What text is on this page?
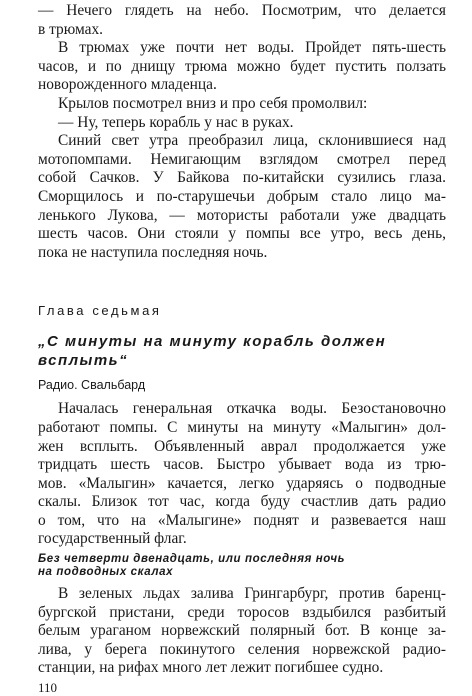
— Нечего глядеть на небо. Посмотрим, что делается
в трюмах.
В трюмах уже почти нет воды. Пройдет пять-шесть
часов, и по днищу трюма можно будет пустить ползать
новорожденного младенца.
Крылов посмотрел вниз и про себя промолвил:
— Ну, теперь корабль у нас в руках.
Синий свет утра преобразил лица, склонившиеся над
мотопомпами. Немигающим взглядом смотрел перед
собой Сачков. У Байкова по-китайски сузились глаза.
Сморщилось и по-старушечьи добрым стало лицо ма-
ленького Лукова, — мотористы работали уже двадцать
шесть часов. Они стояли у помпы все утро, весь день,
пока не наступила последняя ночь.
Глава седьмая
„С минуты на минуту корабль должен
всплыть“
Радио. Свальбард
Началась генеральная откачка воды. Безостановочно
работают помпы. С минуты на минуту «Малыгин» дол-
жен всплыть. Объявленный аврал продолжается уже
тридцать шесть часов. Быстро убывает вода из трю-
мов. «Малыгин» качается, легко ударяясь о подводные
скалы. Близок тот час, когда буду счастлив дать радио
о том, что на «Малыгине» поднят и развевается наш
государственный флаг.
Без четверти двенадцать, или последняя ночь
на подводных скалах
В зеленых льдах залива Грингарбург, против баренц-
бургской пристани, среди торосов вздыбился разбитый
белым ураганом норвежский полярный бот. В конце за-
лива, у берега покинутого селения норвежской радио-
станции, на рифах много лет лежит погибшее судно.
110
